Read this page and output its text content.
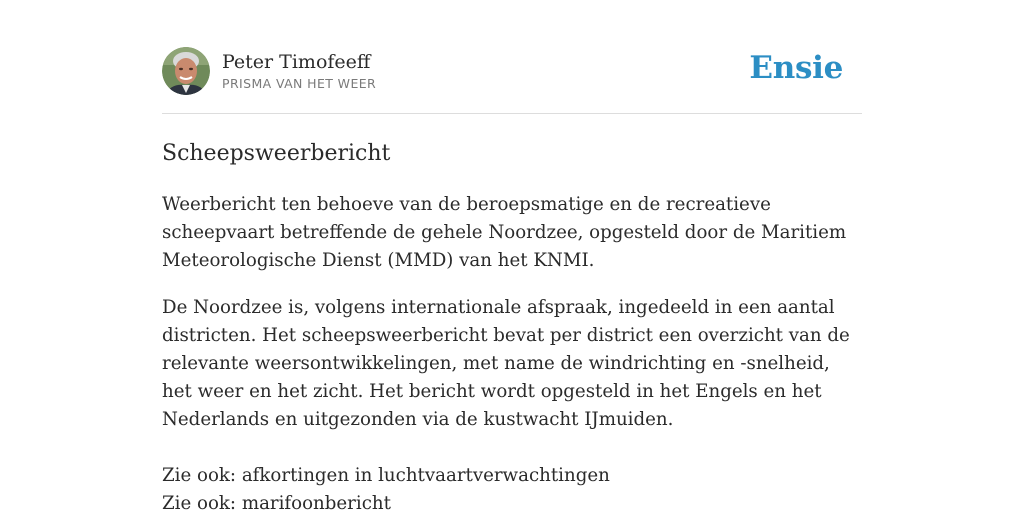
Peter Timofeeff
PRISMA VAN HET WEER	Ensie
Scheepsweerbericht

Weerbericht ten behoeve van de beroepsmatige en de recreatieve scheepvaart betreffende de gehele Noordzee, opgesteld door de Maritiem Meteorologische Dienst (MMD) van het KNMI.

De Noordzee is, volgens internationale afspraak, ingedeeld in een aantal districten. Het scheepsweerbericht bevat per district een overzicht van de relevante weersontwikkelingen, met name de windrichting en -snelheid, het weer en het zicht. Het bericht wordt opgesteld in het Engels en het Nederlands en uitgezonden via de kustwacht IJmuiden.

Zie ook: afkortingen in luchtvaartverwachtingen
Zie ook: marifoonbericht
